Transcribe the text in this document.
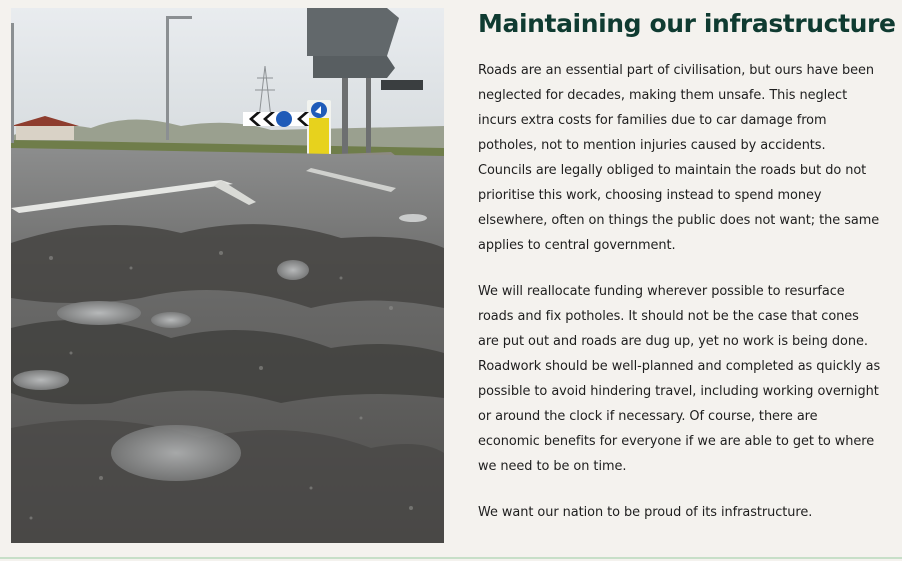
Maintaining our infrastructure

Roads are an essential part of civilisation, but ours have been neglected for decades, making them unsafe. This neglect incurs extra costs for families due to car damage from potholes, not to mention injuries caused by accidents. Councils are legally obliged to maintain the roads but do not prioritise this work, choosing instead to spend money elsewhere, often on things the public does not want; the same applies to central government.

We will reallocate funding wherever possible to resurface roads and fix potholes. It should not be the case that cones are put out and roads are dug up, yet no work is being done. Roadwork should be well-planned and completed as quickly as possible to avoid hindering travel, including working overnight or around the clock if necessary. Of course, there are economic benefits for everyone if we are able to get to where we need to be on time.

We want our nation to be proud of its infrastructure.
